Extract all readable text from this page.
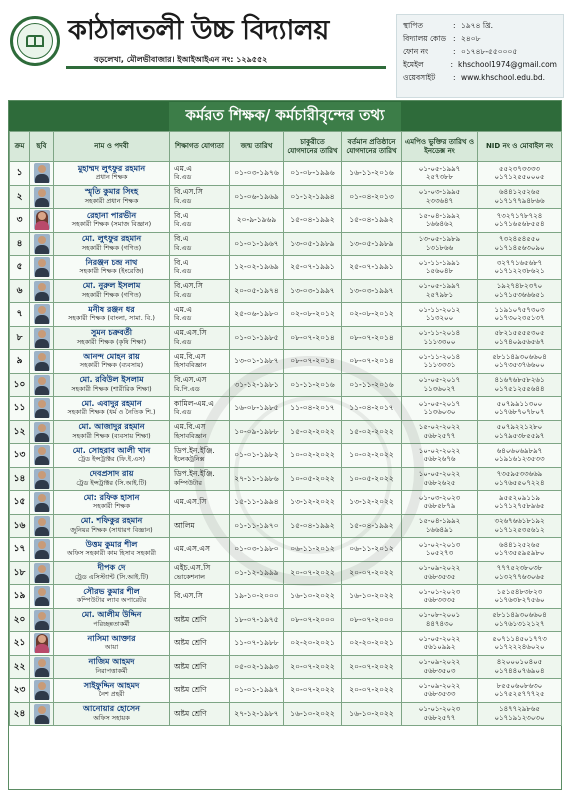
কাঠালতলী উচ্চ বিদ্যালয়
বড়লেখা, মৌলভীবাজার। ইআইআইএন নং: ১২৯৫৫২
স্থাপিত	: ১৯৭৪ খ্রি.
বিদ্যালয় কোড : ২৪০৮
ফোন নং	: ০১৭৪৮-৫৫০০০৫
ইমেইল	: khschool1974@gmail.com
ওয়েবসাইট	: www.khschool.edu.bd.
কর্মরত শিক্ষক/ কর্মচারীবৃন্দের তথ্য
ক্রম	ছবি	নাম ও পদবী	শিক্ষাগত যোগ্যতা	জন্ম তারিখ	চাকুরীতে যোগদানের তারিখ	বর্তমান প্রতিষ্ঠানে যোগদানের তারিখ	এমপিও ভুক্তির তারিখ ও ইনডেক্স নং	NID নং ও মোবাইল নং
১		মুহাম্মদ লুৎফুর রহমান
প্রধান শিক্ষক	এম.এ
বি.এড	০১-০৩-১৯৭৬	০১-০৮-১৯৯৬	১৬-১১-২০১৬	০১-০৫-১৯৯৭
২৫৭৩৮৮	৫৫২৩৭৩৩৩৩
০১৭১২৫৫০০০৫

২		স্মৃতি কুমার সিংহ
সহকারী প্রধান শিক্ষক	বি.এস.সি
বি.এড	০১-০৬-১৯৬৯	০১-১২-১৯৯৪	০১-০৪-২০১৩	০১-০৩-১৯৯৫
২৩৩৬৪৭	৬৪৪১২৫২৬৫
০১৭১৭৭৯৪৮৬৬

৩		রেহানা পারভীন
সহকারী শিক্ষক (সমাজ বিজ্ঞান)	বি.এ
বি.এড	২০-৯-১৯৬৯	১৫-০৪-১৯৯২	১৫-০৪-১৯৯২	১৫-০৪-১৯৯২
১৬৬৪৬২	৭৩২৭১৭৮৭২৪
০১৭১৬৫৬৮৫৫৪

৪		মো. লুৎফুর রহমান
সহকারী শিক্ষক (গণিত)	বি.এ
বি.এড	০১-০১-১৯৬৭	১৩-০৫-১৯৮৯	১৩-০৫-১৯৮৯	১৩-০৫-১৯৮৯
১৩১৮৬৬	৭৩২৪৫৪৫৫০
০১৭১৪৫৬৩০৯০

৫		নিরঞ্জন চন্দ্র নাথ
সহকারী শিক্ষক (ইংরেজি)	বি.এ
বি.এড	১২-০২-১৯৬৯	২৫-০৭-১৯৯১	২৫-০৭-১৯৯১	০১-১১-১৯৯১
১৫৬০৪৮	৩২৭৭১৬৫৬৮৭
০১৭১২২৩৮৬২১

৬		মো. নুরুল ইসলাম
সহকারী শিক্ষক (গণিত)	বি.এস.সি
বি.এড	২০-০৫-১৯৭৪	১৩-০৩-১৯৯৭	১৩-০৩-১৯৯৭	০১-০৫-১৯৯৭
২৫৭৯৮১	১৯২৭৪৮২৩৭০
০১৭১৫৩৬৬৬৫১

৭		মনীষ রঞ্জন ধর
সহকারী শিক্ষক (বাংলা, সামা. বি.)	এম.এ
বি.এড	২৫-০৬-১৯৮০	০২-০৮-২০১২	০২-০৮-২০১২	০১-১১-২০১২
১১৩২০০	১১৯১০৭৫৭৩০৩
০১৭৩০২৩৫১৩৭

৮		সুমন চক্রবর্তী
সহকারী শিক্ষক (কৃষি শিক্ষা)	এম.এস.সি
বি.এড	০১-০১-১৯৮৫	০৮-০৭-২০১৪	০৮-০৭-২০১৪	০১-১১-২০১৪
১১১৩৩০০	৫৮২১৫৫৫৫৩০৫
০১৭৪০৯৫৬৫৬৭

৯		আনন্দ মোহন রায়
সহকারী শিক্ষক (ব্যবসায়)	এম.বি.এস
হিসাববিজ্ঞান	১৩-০১-১৯৮৭	০৮-০৭-২০১৪	০৮-০৭-২০১৪	০১-১১-২০১৪
১১১৩৩৩১	৫৮১১৪৯৩০৬৬০৪
০১৭৩৫৩৭৬৬০০

১০		মো. রবিউল ইসলাম
সহকারী শিক্ষক (শারীরিক শিক্ষা)	বি.এস.এস
বি.পি.এড	৩১-১২-১৯৮১	০১-১১-২০১৬	০১-১১-২০১৬	০১-০৫-২০১৭
১১৩৬০২৭	৪১৬৭৬৮৫৮২৬১
০১৭৫১২৫৫৬৪৪

১১		মো. এবাদুর রহমান
সহকারী শিক্ষক (ধর্ম ও নৈতিক শি.)	কামিল-এম.এ
বি.এড	১৬-০৮-১৯৮৫	১১-০৪-২০১৭	১১-০৪-২০১৭	০১-০৫-২০১৭
১১৩৬০৩০	৫০৭৯৯১১৩০০
০১৭৬৮৭০৭৮০৭

১২		মো. আজাদুর রহমান
সহকারী শিক্ষক (ব্যবসায় শিক্ষা)	এম.বি.এস
হিসাববিজ্ঞান	১০-০৯-১৯৮৮	১৫-০২-২০২২	১৫-০২-২০২২	১৫-০২-২০২২
৫৬৮২৫৭৭	৫০৭৯২২১২৮০
০১৭৯৫৩৮৫৫৯৭

১৩		মো. সোহরাব আলী খান
ট্রেড ইন্সট্রাক্টর (ফি.ই.এস)	ডিপ.ইন.ইঞ্জি.
ইলেকট্রনিক্স	০১-০১-১৯৮২	১০-০২-২০২২	১০-০২-২০২২	১০-০২-২০২২
৫৬৮২৬৭৬	৬৪০৬০৬৯৮৯৭
০১৯১৬১২৩৫৩৩

১৪		দেবপ্রসাদ রায়
ট্রেড ইন্সট্রাক্টর (সি.আই.টি)	ডিপ.ইন.ইঞ্জি.
কম্পিউটার	২৭-১১-১৯৮৬	১০-০৫-২০২২	১০-০৫-২০২২	১০-০৫-২০২২
৫৬৮২৬২৫	৭৩৫৯৫৩৩৬৬৯
০১৭৬৫৫০৭২২৪

১৫		মো: রফিক হাসান
সহকারী শিক্ষক	এম.এস.সি	১৫-১১-১৯৯৪	১৩-১২-২০২২	১৩-১২-২০২২	০১-০৩-২০২৩
৫৬৮৫৮৭৯	৯৫৫২০৯১১৯
০১৭১২৭৫৮৯৬৫

১৬		মো. শফিকুর রহমান
জুনিয়র শিক্ষক (সাধারণ বিজ্ঞান)	আলিম	০১-১১-১৯৭০	১৫-০৪-১৯৯২	১৫-০৪-১৯৯২	১৫-০৪-১৯৯২
১৬৬৪৯১	৩২৬৭৬৬১৮১৯২
০১৭১২৫৩৫৬১২

১৭		উত্তম কুমার শীল
অফিস সহকারী কাম হিসাব সহকারী	এম.এস.এস	০১-০৩-১৯৮০	০৬-১১-২০১২	০৬-১১-২০১২	০১-০২-২০১৩
১০৫২৭৩	৬৪৪১২৫২৬৫
০১৭৩৫৫৯৫৯৮০

১৮		দীপক দে
ট্রেড এসিস্ট্যান্ট (সি.আই.টি)	এইচ.এস.সি
ভোকেশনাল	০১-১২-১৯৯৯	২০-০৭-২০২২	২০-০৭-২০২২	০১-০৯-২০২২
৫৬৮৩৫৩৫	৭৭৭৫২৩৮০৩৮
০১৩২৭৭৬৩০৬৫

১৯		সৌরভ কুমার শীল
কম্পিউটার ল্যাব অপারেটর	বি.এস.সি	১৯-১০-২০০০	১৬-১০-২০২২	১৬-১০-২০২২	০১-০১-২০২৩
৫৬৮৩৩৩৫	১৫১৫৪৮৩৮২৩
০১৭৬৩৮২৭৫৬০

২০		মো. আলীম উদ্দিন
পরিচ্ছন্নতাকর্মী	অষ্টম শ্রেণি	১৮-০৭-১৯৭৫	০৮-০৭-২০০০	০৮-০৭-২০০০	০১-০৮-২০০১
৪৪৭৪৩০	৫৮১১৪৯৩০৬৬০৪
০১৭৬১৩১২১২৭

২১		নাসিমা আক্তার
আয়া	অষ্টম শ্রেণি	১১-০৭-১৯৮৮	০২-২০-২০২১	০২-২০-২০২১	০১-০৫-২০২২
৫৬১০৯৯২	৫০৭১১৪৫০১৭৭৩
০১৭২২২৪৬০২০

২২		নাজিম আহমদ
নিরাপত্তাকর্মী	অষ্টম শ্রেণি	০৫-০২-১৯৯৩	২০-০৭-২০২২	২০-০৭-২০২২	০১-০৯-২০২২
৫৬৮৩৫০৩	৪২০০০১০৪০৫
০১৭৪৪০৭৬৯০৪

২৩		সাইফুদ্দিন আহমদ
নৈশ প্রহরী	অষ্টম শ্রেণি	০১-০১-১৯৯৭	২০-০৭-২০২২	২০-০৭-২০২২	০১-০৯-২০২২
৫৬৮৩৫৩৩	৮৫৫০৬০৮৬৩০
০১৭৫২৫৭৭৭২৫

২৪		আনোয়ার হোসেন
অফিস সহায়ক	অষ্টম শ্রেণি	২৭-১২-১৯৮৭	১৬-১০-২০২২	১৬-১০-২০২২	০১-০১-২০২৩
৫৬৮২৫৭৭	১৪৭৭২৯৮৬৫
০১৭১৯১২৩০৩০
